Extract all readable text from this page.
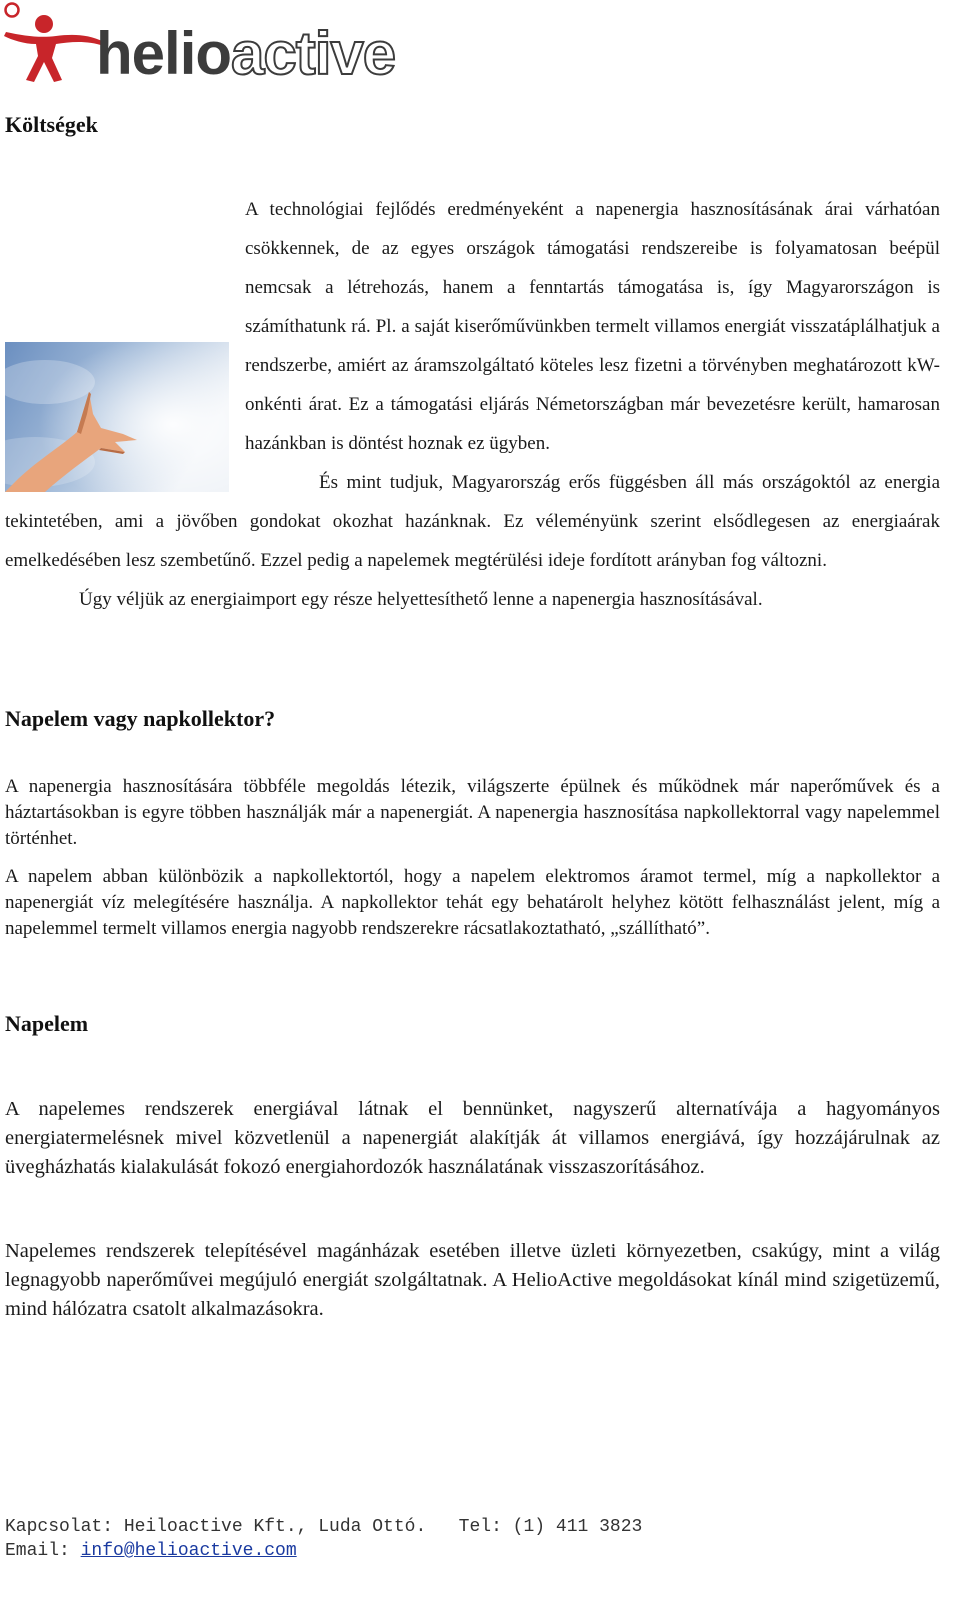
helioactive
Költségek

A technológiai fejlődés eredményeként a napenergia hasznosításának árai várhatóan csökkennek, de az egyes országok támogatási rendszereibe is folyamatosan beépül nemcsak a létrehozás, hanem a fenntartás támogatása is, így Magyarországon is számíthatunk rá. Pl. a saját kiserőművünkben termelt villamos energiát visszatáplálhatjuk a rendszerbe, amiért az áramszolgáltató köteles lesz fizetni a törvényben meghatározott kW-onkénti árat. Ez a támogatási eljárás Németországban már bevezetésre került, hamarosan hazánkban is döntést hoznak ez ügyben.

És mint tudjuk, Magyarország erős függésben áll más országoktól az energia tekintetében, ami a jövőben gondokat okozhat hazánknak. Ez véleményünk szerint elsődlegesen az energiaárak emelkedésében lesz szembetűnő. Ezzel pedig a napelemek megtérülési ideje fordított arányban fog változni.

Úgy véljük az energiaimport egy része helyettesíthető lenne a napenergia hasznosításával.

Napelem vagy napkollektor?

A napenergia hasznosítására többféle megoldás létezik, világszerte épülnek és működnek már naperőművek és a háztartásokban is egyre többen használják már a napenergiát. A napenergia hasznosítása napkollektorral vagy napelemmel történhet.

A napelem abban különbözik a napkollektortól, hogy a napelem elektromos áramot termel, míg a napkollektor a napenergiát víz melegítésére használja. A napkollektor tehát egy behatárolt helyhez kötött felhasználást jelent, míg a napelemmel termelt villamos energia nagyobb rendszerekre rácsatlakoztatható, „szállítható”.

Napelem

A napelemes rendszerek energiával látnak el bennünket, nagyszerű alternatívája a hagyományos energiatermelésnek mivel közvetlenül a napenergiát alakítják át villamos energiává, így hozzájárulnak az üvegházhatás kialakulását fokozó energiahordozók használatának visszaszorításához.

Napelemes rendszerek telepítésével magánházak esetében illetve üzleti környezetben, csakúgy, mint a világ legnagyobb naperőművei megújuló energiát szolgáltatnak. A HelioActive megoldásokat kínál mind szigetüzemű, mind hálózatra csatolt alkalmazásokra.

Kapcsolat: Heiloactive Kft., Luda Ottó.   Tel: (1) 411 3823
Email: info@helioactive.com
